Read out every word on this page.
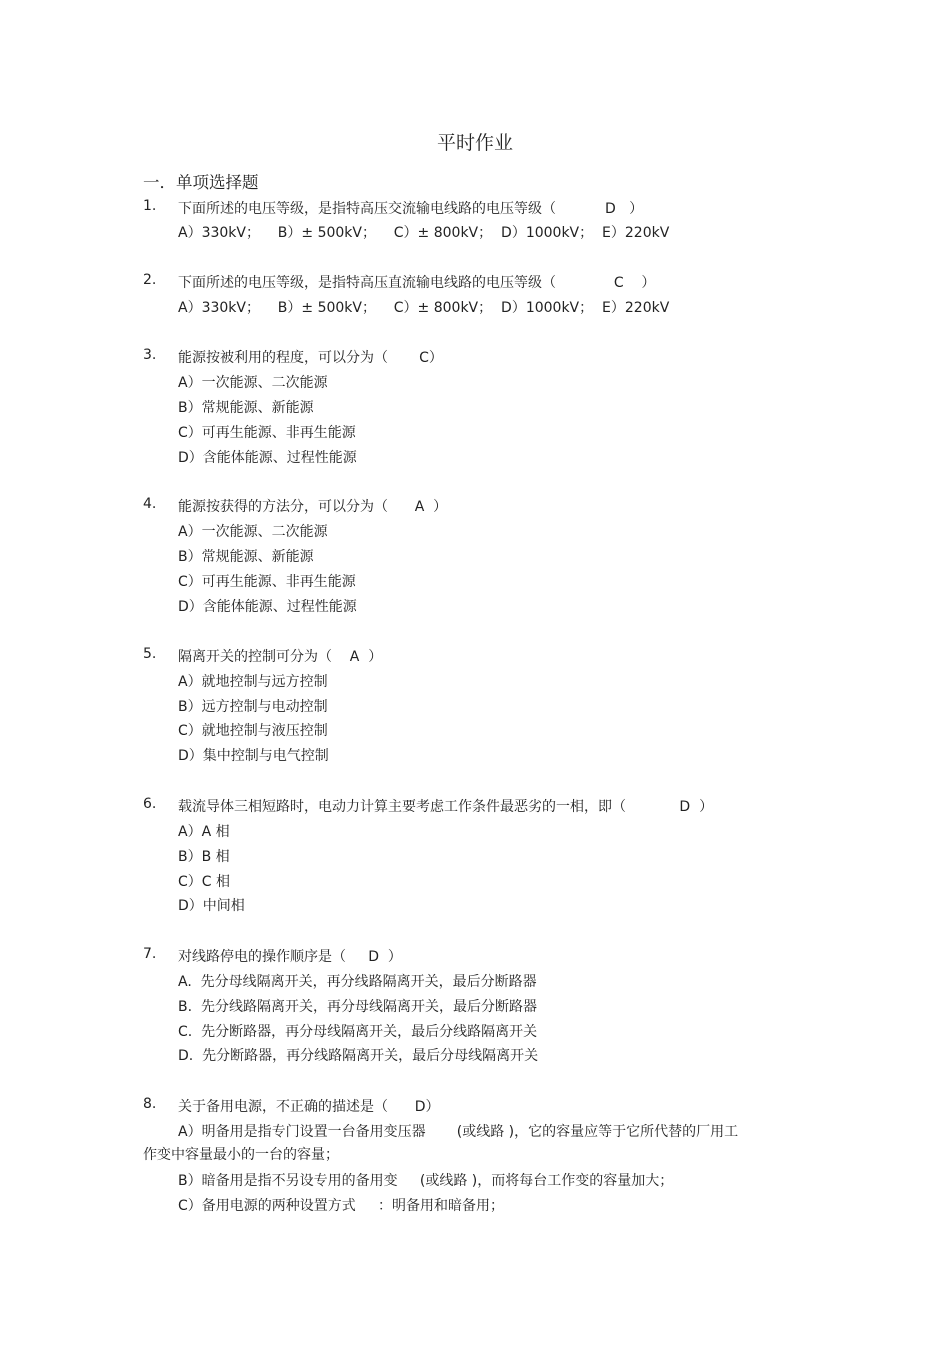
平时作业
一．单项选择题
1.	下面所述的电压等级，是指特高压交流输电线路的电压等级（           D   ）
A）330kV；    B）± 500kV；    C）± 800kV；  D）1000kV；  E）220kV
2.	下面所述的电压等级，是指特高压直流输电线路的电压等级（             C    ）
A）330kV；    B）± 500kV；    C）± 800kV；  D）1000kV；  E）220kV
3.	能源按被利用的程度，可以分为（       C）
A）一次能源、二次能源
B）常规能源、新能源
C）可再生能源、非再生能源
D）含能体能源、过程性能源
4.	能源按获得的方法分，可以分为（      A  ）
A）一次能源、二次能源
B）常规能源、新能源
C）可再生能源、非再生能源
D）含能体能源、过程性能源
5.	隔离开关的控制可分为（    A  ）
A）就地控制与远方控制
B）远方控制与电动控制
C）就地控制与液压控制
D）集中控制与电气控制
6.	载流导体三相短路时，电动力计算主要考虑工作条件最恶劣的一相，即（            D  ）
A）A 相
B）B 相
C）C 相
D）中间相
7.	对线路停电的操作顺序是（     D  ）
A.  先分母线隔离开关，再分线路隔离开关，最后分断路器
B.  先分线路隔离开关，再分母线隔离开关，最后分断路器
C.  先分断路器，再分母线隔离开关，最后分线路隔离开关
D.  先分断路器，再分线路隔离开关，最后分母线隔离开关
8.	关于备用电源，不正确的描述是（      D）
A）明备用是指专门设置一台备用变压器       (或线路 )，它的容量应等于它所代替的厂用工
作变中容量最小的一台的容量；
B）暗备用是指不另设专用的备用变     (或线路 )，而将每台工作变的容量加大；
C）备用电源的两种设置方式     ：明备用和暗备用；
